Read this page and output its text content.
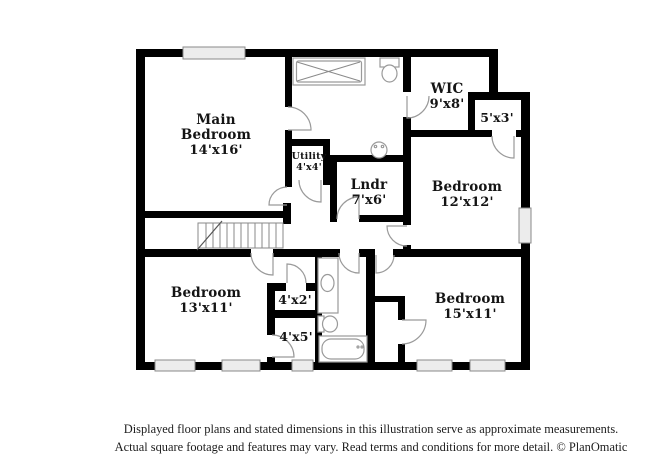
Main
Bedroom
14'x16'
WIC
9'x8'
5'x3'
Utility
4'x4'
Lndr
7'x6'
Bedroom
12'x12'
Bedroom
13'x11'
4'x2'
4'x5'
Bedroom
15'x11'
Displayed floor plans and stated dimensions in this illustration serve as approximate measurements.
Actual square footage and features may vary. Read terms and conditions for more detail. © PlanOmatic
